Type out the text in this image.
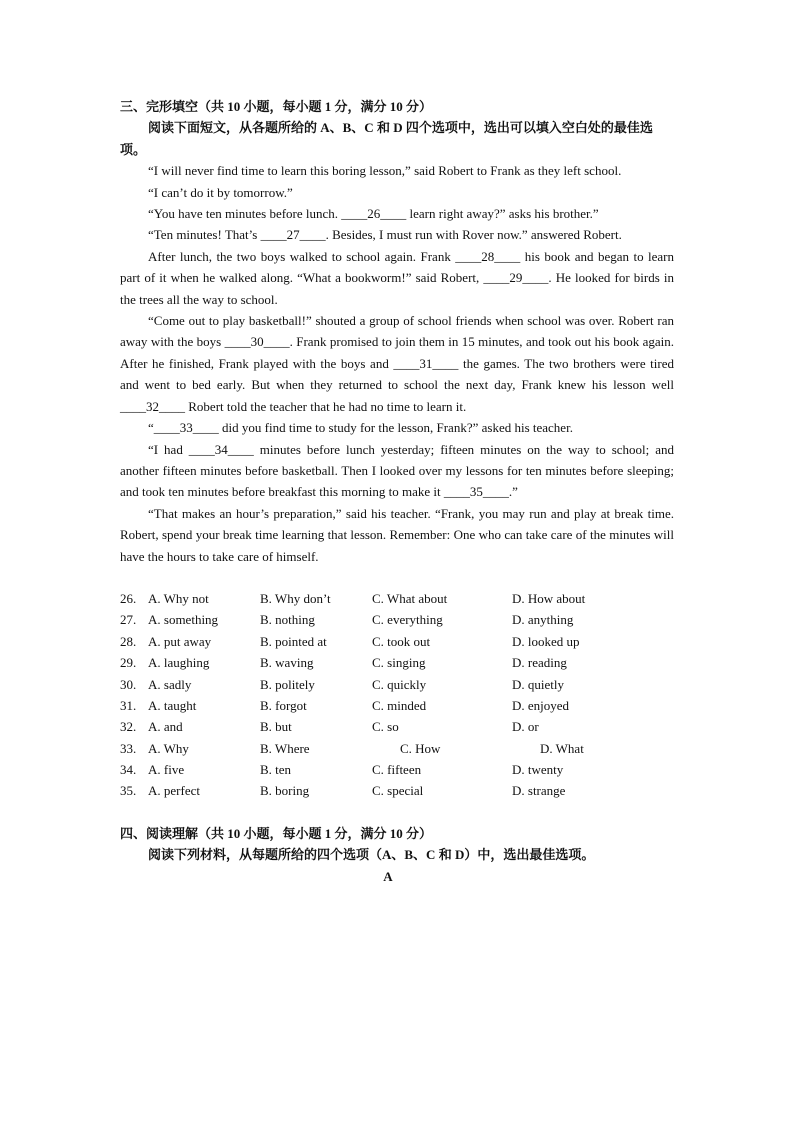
三、完形填空（共 10 小题，每小题 1 分，满分 10 分）

阅读下面短文，从各题所给的 A、B、C 和 D 四个选项中，选出可以填入空白处的最佳选项。

“I will never find time to learn this boring lesson,” said Robert to Frank as they left school.

“I can’t do it by tomorrow.”

“You have ten minutes before lunch. ____26____ learn right away?” asks his brother.”

“Ten minutes! That’s ____27____. Besides, I must run with Rover now.” answered Robert.

After lunch, the two boys walked to school again. Frank ____28____ his book and began to learn part of it when he walked along. “What a bookworm!” said Robert, ____29____. He looked for birds in the trees all the way to school.

“Come out to play basketball!” shouted a group of school friends when school was over. Robert ran away with the boys ____30____. Frank promised to join them in 15 minutes, and took out his book again. After he finished, Frank played with the boys and ____31____ the games. The two brothers were tired and went to bed early. But when they returned to school the next day, Frank knew his lesson well ____32____ Robert told the teacher that he had no time to learn it.

“____33____ did you find time to study for the lesson, Frank?” asked his teacher.

“I had ____34____ minutes before lunch yesterday; fifteen minutes on the way to school; and another fifteen minutes before basketball. Then I looked over my lessons for ten minutes before sleeping; and took ten minutes before breakfast this morning to make it ____35____.”

“That makes an hour’s preparation,” said his teacher. “Frank, you may run and play at break time. Robert, spend your break time learning that lesson. Remember: One who can take care of the minutes will have the hours to take care of himself.

26. A. Why not	B. Why don’t	C. What about	D. How about
27. A. something	B. nothing	C. everything	D. anything
28. A. put away	B. pointed at	C. took out	D. looked up
29. A. laughing	B. waving	C. singing	D. reading
30. A. sadly	B. politely	C. quickly	D. quietly
31. A. taught	B. forgot	C. minded	D. enjoyed
32. A. and	B. but	C. so	D. or
33. A. Why	B. Where	C. How	D. What
34. A. five	B. ten	C. fifteen	D. twenty
35. A. perfect	B. boring	C. special	D. strange

四、阅读理解（共 10 小题，每小题 1 分，满分 10 分）

阅读下列材料，从每题所给的四个选项（A、B、C 和 D）中，选出最佳选项。

A
